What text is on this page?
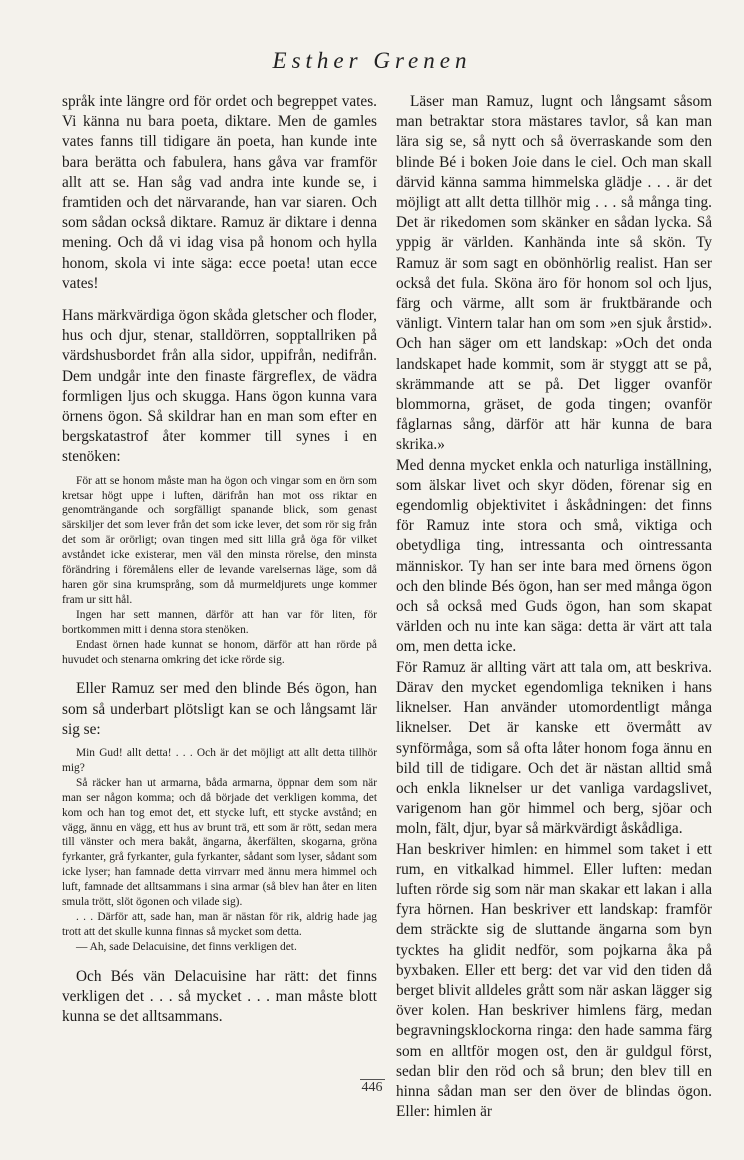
Esther Grenen

språk inte längre ord för ordet och begreppet vates. Vi känna nu bara poeta, diktare. Men de gamles vates fanns till tidigare än poeta, han kunde inte bara berätta och fabulera, hans gåva var framför allt att se. Han såg vad andra inte kunde se, i framtiden och det närvarande, han var siaren. Och som sådan också diktare. Ramuz är diktare i denna mening. Och då vi idag visa på honom och hylla honom, skola vi inte säga: ecce poeta! utan ecce vates!

Hans märkvärdiga ögon skåda gletscher och floder, hus och djur, stenar, stalldörren, sopptallriken på värdshusbordet från alla sidor, uppifrån, nedifrån. Dem undgår inte den finaste färgreflex, de vädra formligen ljus och skugga. Hans ögon kunna vara örnens ögon. Så skildrar han en man som efter en bergskatastrof åter kommer till synes i en stenöken:

För att se honom måste man ha ögon och vingar som en örn som kretsar högt uppe i luften, därifrån han mot oss riktar en genomträngande och sorgfälligt spanande blick, som genast särskiljer det som lever från det som icke lever, det som rör sig från det som är orörligt; ovan tingen med sitt lilla grå öga för vilket avståndet icke existerar, men väl den minsta rörelse, den minsta förändring i föremålens eller de levande varelsernas läge, som då haren gör sina krumsprång, som då murmeldjurets unge kommer fram ur sitt hål.

Ingen har sett mannen, därför att han var för liten, för bortkommen mitt i denna stora stenöken.

Endast örnen hade kunnat se honom, därför att han rörde på huvudet och stenarna omkring det icke rörde sig.

Eller Ramuz ser med den blinde Bés ögon, han som så underbart plötsligt kan se och långsamt lär sig se:

Min Gud! allt detta! . . . Och är det möjligt att allt detta tillhör mig?

Så räcker han ut armarna, båda armarna, öppnar dem som när man ser någon komma; och då började det verkligen komma, det kom och han tog emot det, ett stycke luft, ett stycke avstånd; en vägg, ännu en vägg, ett hus av brunt trä, ett som är rött, sedan mera till vänster och mera bakåt, ängarna, åkerfälten, skogarna, gröna fyrkanter, grå fyrkanter, gula fyrkanter, sådant som lyser, sådant som icke lyser; han famnade detta virrvarr med ännu mera himmel och luft, famnade det alltsammans i sina armar (så blev han åter en liten smula trött, slöt ögonen och vilade sig).

. . . Därför att, sade han, man är nästan för rik, aldrig hade jag trott att det skulle kunna finnas så mycket som detta.

— Ah, sade Delacuisine, det finns verkligen det.

Och Bés vän Delacuisine har rätt: det finns verkligen det . . . så mycket . . . man måste blott kunna se det alltsammans.

Läser man Ramuz, lugnt och långsamt såsom man betraktar stora mästares tavlor, så kan man lära sig se, så nytt och så överraskande som den blinde Bé i boken Joie dans le ciel. Och man skall därvid känna samma himmelska glädje . . . är det möjligt att allt detta tillhör mig . . . så många ting. Det är rikedomen som skänker en sådan lycka. Så yppig är världen. Kanhända inte så skön. Ty Ramuz är som sagt en obönhörlig realist. Han ser också det fula. Sköna äro för honom sol och ljus, färg och värme, allt som är fruktbärande och vänligt. Vintern talar han om som »en sjuk årstid». Och han säger om ett landskap: »Och det onda landskapet hade kommit, som är styggt att se på, skrämmande att se på. Det ligger ovanför blommorna, gräset, de goda tingen; ovanför fåglarnas sång, därför att här kunna de bara skrika.»

Med denna mycket enkla och naturliga inställning, som älskar livet och skyr döden, förenar sig en egendomlig objektivitet i åskådningen: det finns för Ramuz inte stora och små, viktiga och obetydliga ting, intressanta och ointressanta människor. Ty han ser inte bara med örnens ögon och den blinde Bés ögon, han ser med många ögon och så också med Guds ögon, han som skapat världen och nu inte kan säga: detta är värt att tala om, men detta icke.

För Ramuz är allting värt att tala om, att beskriva. Därav den mycket egendomliga tekniken i hans liknelser. Han använder utomordentligt många liknelser. Det är kanske ett övermått av synförmåga, som så ofta låter honom foga ännu en bild till de tidigare. Och det är nästan alltid små och enkla liknelser ur det vanliga vardagslivet, varigenom han gör himmel och berg, sjöar och moln, fält, djur, byar så märkvärdigt åskådliga.

Han beskriver himlen: en himmel som taket i ett rum, en vitkalkad himmel. Eller luften: medan luften rörde sig som när man skakar ett lakan i alla fyra hörnen. Han beskriver ett landskap: framför dem sträckte sig de sluttande ängarna som byn tycktes ha glidit nedför, som pojkarna åka på byxbaken. Eller ett berg: det var vid den tiden då berget blivit alldeles grått som när askan lägger sig över kolen. Han beskriver himlens färg, medan begravningsklockorna ringa: den hade samma färg som en alltför mogen ost, den är guldgul först, sedan blir den röd och så brun; den blev till en hinna sådan man ser den över de blindas ögon. Eller: himlen är

446
